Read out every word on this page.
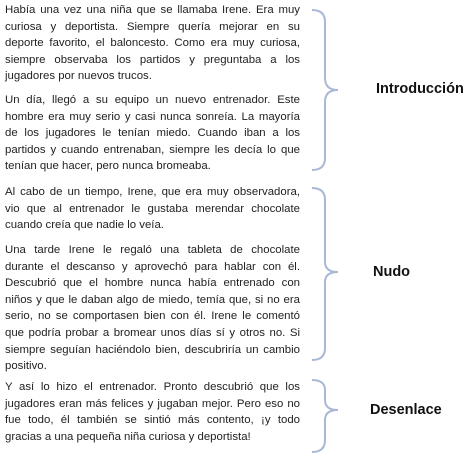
Había una vez una niña que se llamaba Irene. Era muy curiosa y deportista. Siempre quería mejorar en su deporte favorito, el baloncesto. Como era muy curiosa, siempre observaba los partidos y preguntaba a los jugadores por nuevos trucos.

Un día, llegó a su equipo un nuevo entrenador. Este hombre era muy serio y casi nunca sonreía. La mayoría de los jugadores le tenían miedo. Cuando iban a los partidos y cuando entrenaban, siempre les decía lo que tenían que hacer, pero nunca bromeaba.

Al cabo de un tiempo, Irene, que era muy observadora, vio que al entrenador le gustaba merendar chocolate cuando creía que nadie lo veía.

Una tarde Irene le regaló una tableta de chocolate durante el descanso y aprovechó para hablar con él. Descubrió que el hombre nunca había entrenado con niños y que le daban algo de miedo, temía que, si no era serio, no se comportasen bien con él. Irene le comentó que podría probar a bromear unos días sí y otros no. Si siempre seguían haciéndolo bien, descubriría un cambio positivo.

Y así lo hizo el entrenador. Pronto descubrió que los jugadores eran más felices y jugaban mejor. Pero eso no fue todo, él también se sintió más contento, ¡y todo gracias a una pequeña niña curiosa y deportista!

Introducción
Nudo
Desenlace
